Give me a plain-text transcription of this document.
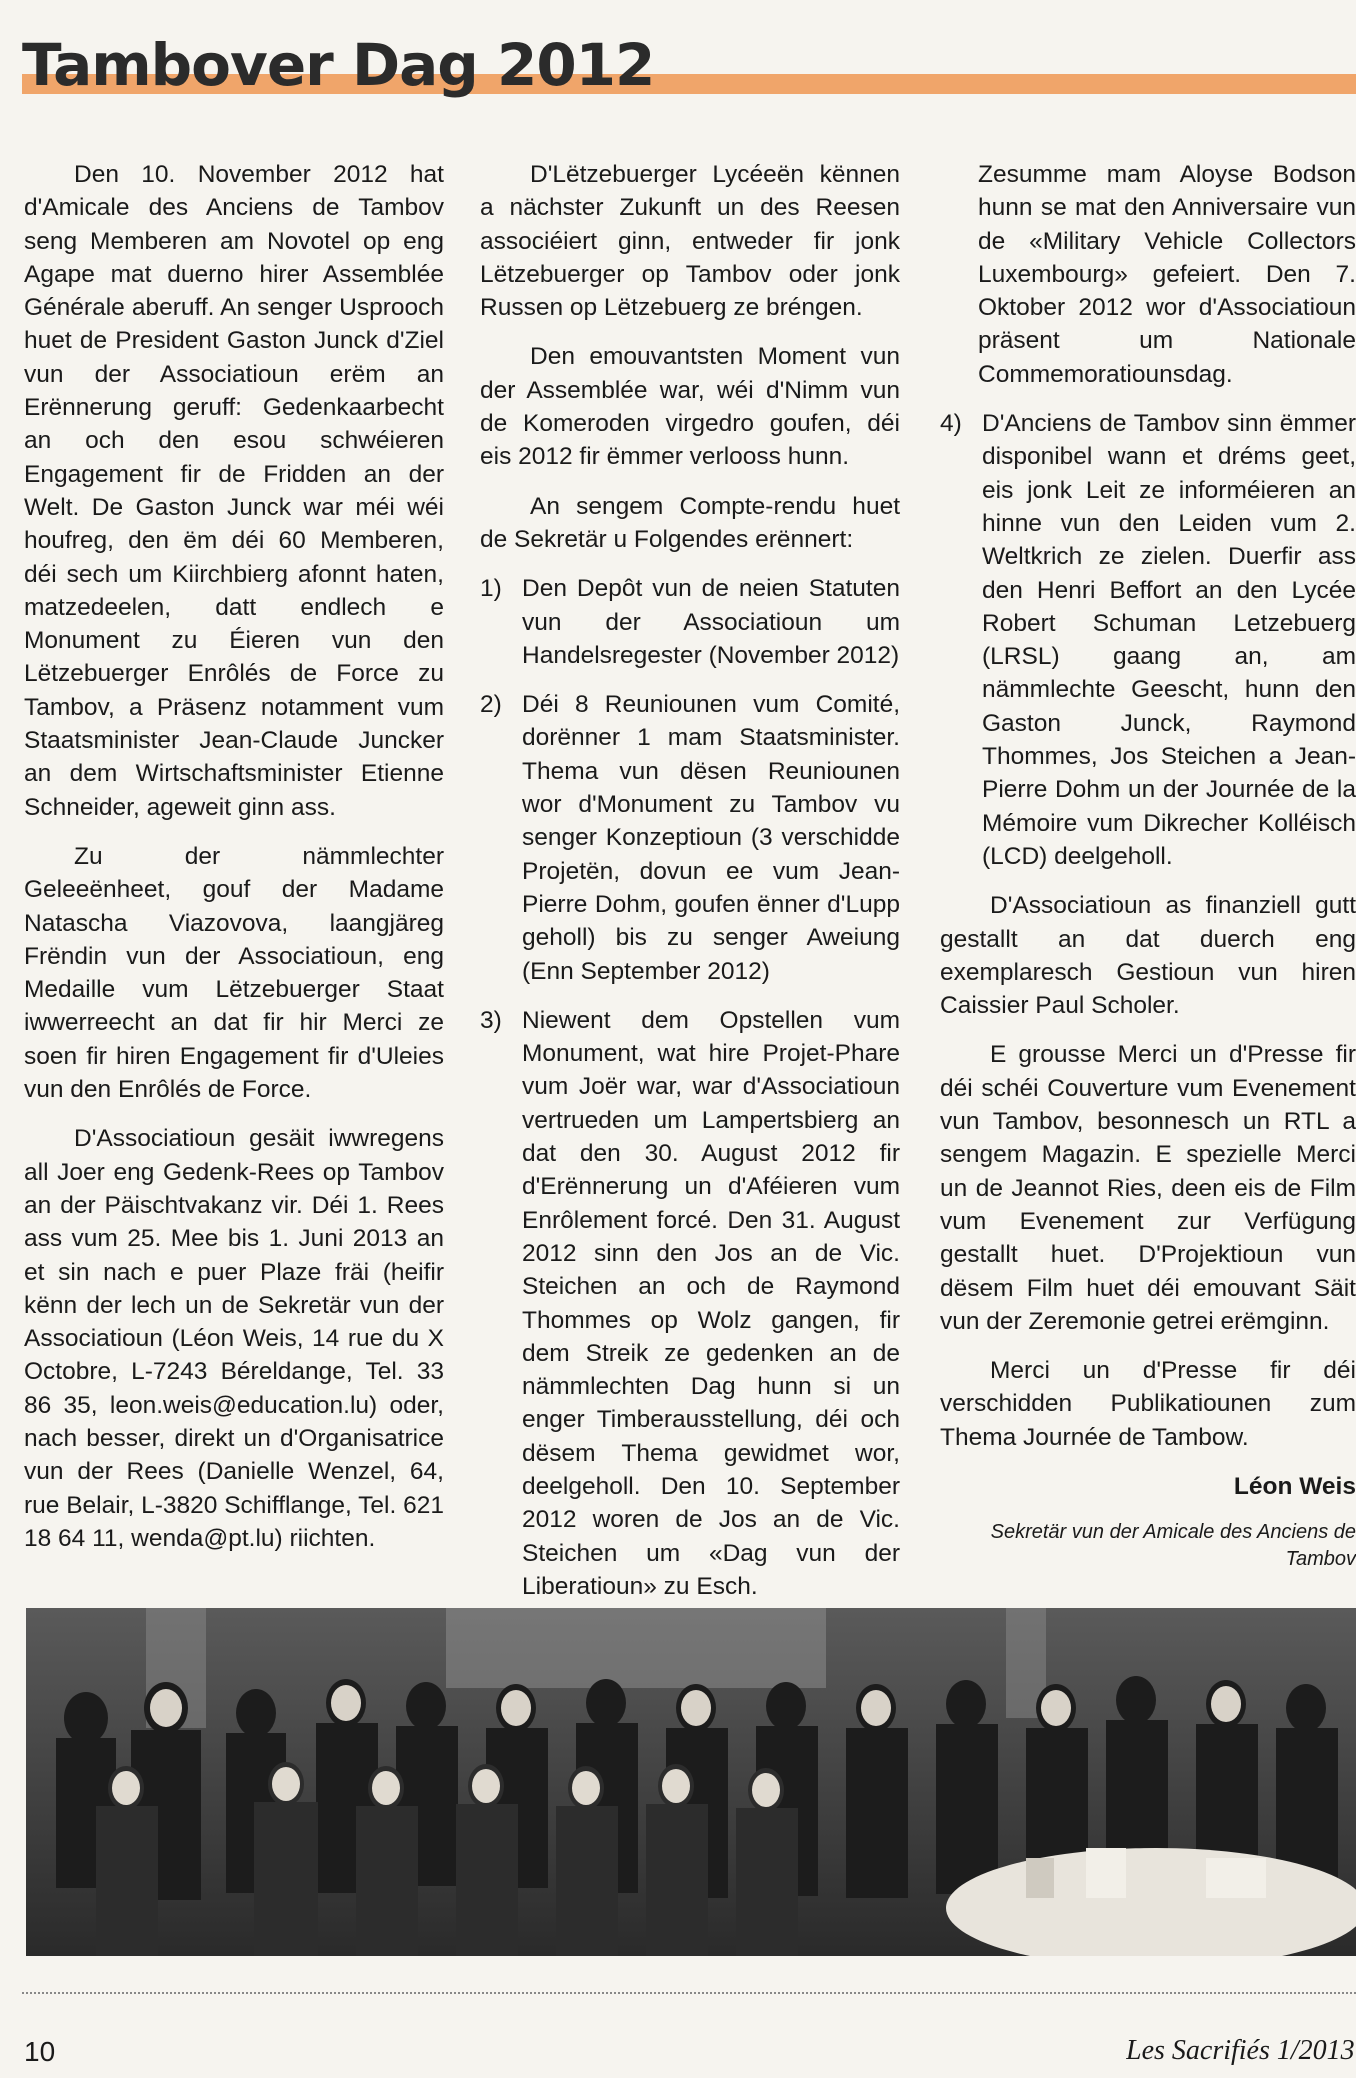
Tambover Dag 2012

Den 10. November 2012 hat d'Amicale des Anciens de Tambov seng Memberen am Novotel op eng Agape mat duerno hirer Assemblée Générale aberuff. An senger Usprooch huet de President Gaston Junck d'Ziel vun der Associatioun erëm an Erënnerung geruff: Gedenkaarbecht an och den esou schwéieren Engagement fir de Fridden an der Welt. De Gaston Junck war méi wéi houfreg, den ëm déi 60 Memberen, déi sech um Kiirchbierg afonnt haten, matzedeelen, datt endlech e Monument zu Éieren vun den Lëtzebuerger Enrôlés de Force zu Tambov, a Präsenz notamment vum Staatsminister Jean-Claude Juncker an dem Wirtschaftsminister Etienne Schneider, ageweit ginn ass.

Zu der nämmlechter Geleeënheet, gouf der Madame Natascha Viazovova, laangjäreg Frëndin vun der Associatioun, eng Medaille vum Lëtzebuerger Staat iwwerreecht an dat fir hir Merci ze soen fir hiren Engagement fir d'Uleies vun den Enrôlés de Force.

D'Associatioun gesäit iwwregens all Joer eng Gedenk-Rees op Tambov an der Päischtvakanz vir. Déi 1. Rees ass vum 25. Mee bis 1. Juni 2013 an et sin nach e puer Plaze fräi (heifir kënn der lech un de Sekretär vun der Associatioun (Léon Weis, 14 rue du X Octobre, L-7243 Béreldange, Tel. 33 86 35, leon.weis@education.lu) oder, nach besser, direkt un d'Organisatrice vun der Rees (Danielle Wenzel, 64, rue Belair, L-3820 Schifflange, Tel. 621 18 64 11, wenda@pt.lu) riichten.

D'Lëtzebuerger Lycéeën kënnen a nächster Zukunft un des Reesen associéiert ginn, entweder fir jonk Lëtzebuerger op Tambov oder jonk Russen op Lëtzebuerg ze bréngen.

Den emouvantsten Moment vun der Assemblée war, wéi d'Nimm vun de Komeroden virgedro goufen, déi eis 2012 fir ëmmer verlooss hunn.

An sengem Compte-rendu huet de Sekretär u Folgendes erënnert:

1) Den Depôt vun de neien Statuten vun der Associatioun um Handelsregester (November 2012)
2) Déi 8 Reuniounen vum Comité, dorënner 1 mam Staatsminister. Thema vun dësen Reuniounen wor d'Monument zu Tambov vu senger Konzeptioun (3 verschidde Projetën, dovun ee vum Jean-Pierre Dohm, goufen ënner d'Lupp geholl) bis zu senger Aweiung (Enn September 2012)
3) Niewent dem Opstellen vum Monument, wat hire Projet-Phare vum Joër war, war d'Associatioun vertrueden um Lampertsbierg an dat den 30. August 2012 fir d'Erënnerung un d'Aféieren vum Enrôlement forcé. Den 31. August 2012 sinn den Jos an de Vic. Steichen an och de Raymond Thommes op Wolz gangen, fir dem Streik ze gedenken an de nämmlechten Dag hunn si un enger Timberausstellung, déi och dësem Thema gewidmet wor, deelgeholl. Den 10. September 2012 woren de Jos an de Vic. Steichen um «Dag vun der Liberatioun» zu Esch.

Zesumme mam Aloyse Bodson hunn se mat den Anniversaire vun de «Military Vehicle Collectors Luxembourg» gefeiert. Den 7. Oktober 2012 wor d'Associatioun präsent um Nationale Commemoratiounsdag.

4) D'Anciens de Tambov sinn ëmmer disponibel wann et dréms geet, eis jonk Leit ze informéieren an hinne vun den Leiden vum 2. Weltkrich ze zielen. Duerfir ass den Henri Beffort an den Lycée Robert Schuman Letzebuerg (LRSL) gaang an, am nämmlechte Geescht, hunn den Gaston Junck, Raymond Thommes, Jos Steichen a Jean-Pierre Dohm un der Journée de la Mémoire vum Dikrecher Kolléisch (LCD) deelgeholl.

D'Associatioun as finanziell gutt gestallt an dat duerch eng exemplaresch Gestioun vun hiren Caissier Paul Scholer.

E grousse Merci un d'Presse fir déi schéi Couverture vum Evenement vun Tambov, besonnesch un RTL a sengem Magazin. E spezielle Merci un de Jeannot Ries, deen eis de Film vum Evenement zur Verfügung gestallt huet. D'Projektioun vun dësem Film huet déi emouvant Säit vun der Zeremonie getrei erëmginn.

Merci un d'Presse fir déi verschidden Publikatiounen zum Thema Journée de Tambow.

Léon Weis

Sekretär vun der Amicale des Anciens de Tambov

10	Les Sacrifiés 1/2013
